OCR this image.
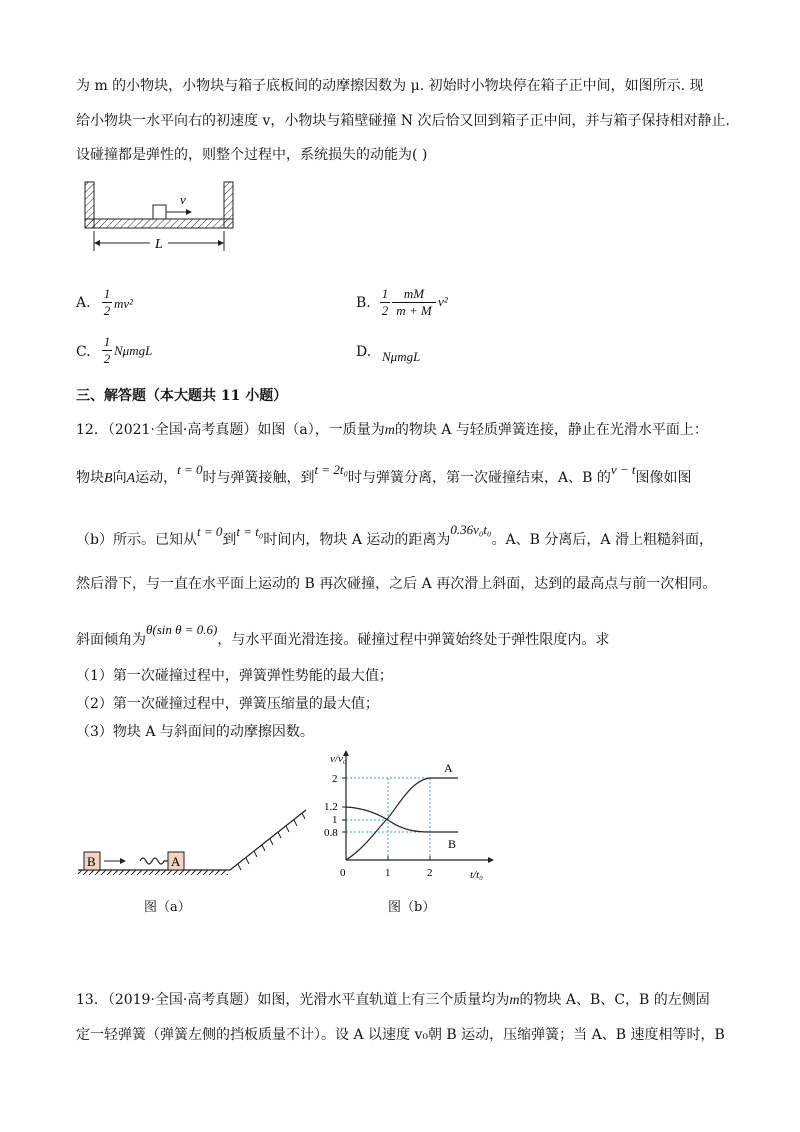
为 m 的小物块，小物块与箱子底板间的动摩擦因数为 μ. 初始时小物块停在箱子正中间，如图所示. 现
给小物块一水平向右的初速度 v，小物块与箱壁碰撞 N 次后恰又回到箱子正中间，并与箱子保持相对静止.
设碰撞都是弹性的，则整个过程中，系统损失的动能为( )
v
L
A. $\frac{1}{2} mv^2$	B. $\frac{1}{2} \frac{mM}{m + M} v^2$
C. $\frac{1}{2}$ NμmgL	D. NμmgL
三、解答题（本大题共 11 小题）
12．（2021·全国·高考真题）如图（a），一质量为m的物块 A 与轻质弹簧连接，静止在光滑水平面上：
物块B向A运动，t = 0时与弹簧接触，到t = 2t₀时与弹簧分离，第一次碰撞结束，A、B 的v − t图像如图
（b）所示。已知从t = 0到t = t₀时间内，物块 A 运动的距离为0.36v₀t₀。A、B 分离后，A 滑上粗糙斜面，
然后滑下，与一直在水平面上运动的 B 再次碰撞，之后 A 再次滑上斜面，达到的最高点与前一次相同。
斜面倾角为θ(sin θ = 0.6)，与水平面光滑连接。碰撞过程中弹簧始终处于弹性限度内。求
（1）第一次碰撞过程中，弹簧弹性势能的最大值；
（2）第一次碰撞过程中，弹簧压缩量的最大值；
（3）物块 A 与斜面间的动摩擦因数。
B	A
图（a）
v/v₀
t/t₀
2
1.2
1
0.8
0	1	2
A
B
图（b）
13．（2019·全国·高考真题）如图，光滑水平直轨道上有三个质量均为m的物块 A、B、C，B 的左侧固
定一轻弹簧（弹簧左侧的挡板质量不计）。设 A 以速度 v₀朝 B 运动，压缩弹簧；当 A、B 速度相等时，B
